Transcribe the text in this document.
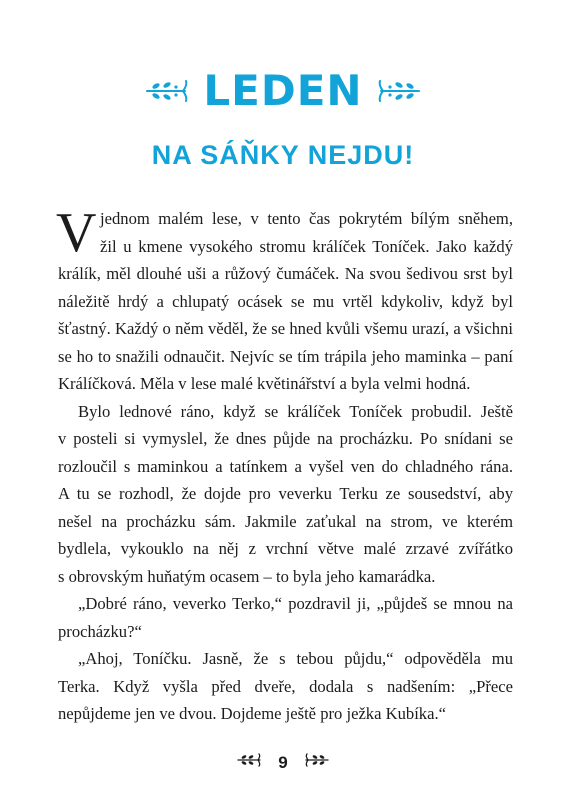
LEDEN
NA SÁŇKY NEJDU!
V jednom malém lese, v tento čas pokrytém bílým sněhem,
žil u kmene vysokého stromu králíček Toníček. Jako každý
králík, měl dlouhé uši a růžový čumáček. Na svou šedivou srst byl
náležitě hrdý a chlupatý ocásek se mu vrtěl kdykoliv, když byl
šťastný. Každý o něm věděl, že se hned kvůli všemu urazí, a všichni
se ho to snažili odnaučit. Nejvíc se tím trápila jeho maminka – paní
Králíčková. Měla v lese malé květinářství a byla velmi hodná.
Bylo lednové ráno, když se králíček Toníček probudil. Ještě
v posteli si vymyslel, že dnes půjde na procházku. Po snídani se
rozloučil s maminkou a tatínkem a vyšel ven do chladného rána.
A tu se rozhodl, že dojde pro veverku Terku ze sousedství, aby
nešel na procházku sám. Jakmile zaťukal na strom, ve kterém
bydlela, vykouklo na něj z vrchní větve malé zrzavé zvířátko
s obrovským huňatým ocasem – to byla jeho kamarádka.
„Dobré ráno, veverko Terko,“ pozdravil ji, „půjdeš se mnou na
procházku?“
„Ahoj, Toníčku. Jasně, že s tebou půjdu,“ odpověděla mu
Terka. Když vyšla před dveře, dodala s nadšením: „Přece
nepůjdeme jen ve dvou. Dojdeme ještě pro ježka Kubíka.“
9
